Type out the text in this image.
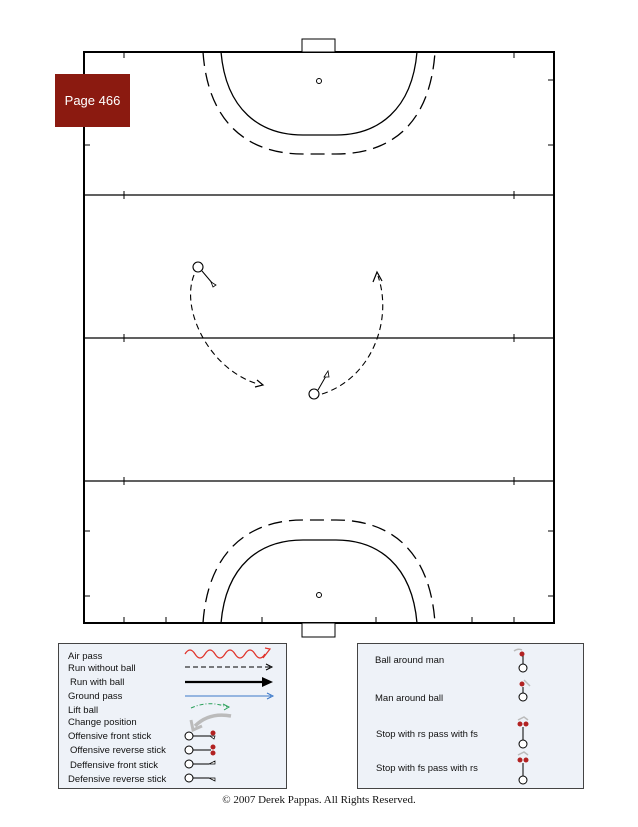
Page 466
Air pass
Run without ball
Run with ball
Ground pass
Lift ball
Change position
Offensive front stick
Offensive reverse stick
Deffensive front stick
Defensive reverse stick
Ball around man
Man around ball
Stop with rs pass with fs
Stop with fs pass with rs
© 2007 Derek Pappas. All Rights Reserved.
